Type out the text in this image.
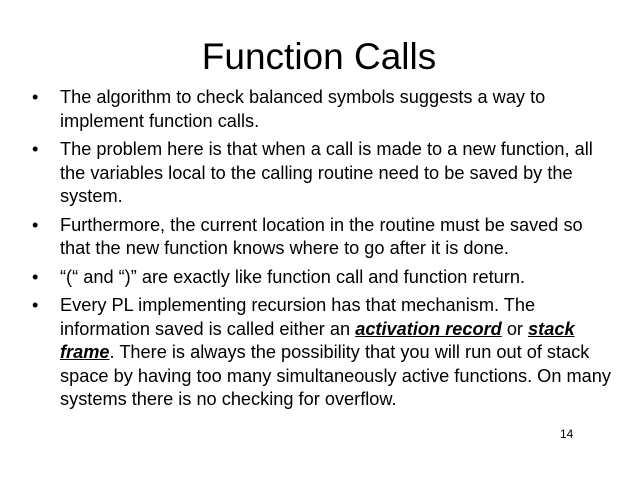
Function Calls
• The algorithm to check balanced symbols suggests a way to implement function calls.
• The problem here is that when a call is made to a new function, all the variables local to the calling routine need to be saved by the system.
• Furthermore, the current location in the routine must be saved so that the new function knows where to go after it is done.
• “(“ and “)” are exactly like function call and function return.
• Every PL implementing recursion has that mechanism. The information saved is called either an activation record or stack frame. There is always the possibility that you will run out of stack space by having too many simultaneously active functions. On many systems there is no checking for overflow.
14
